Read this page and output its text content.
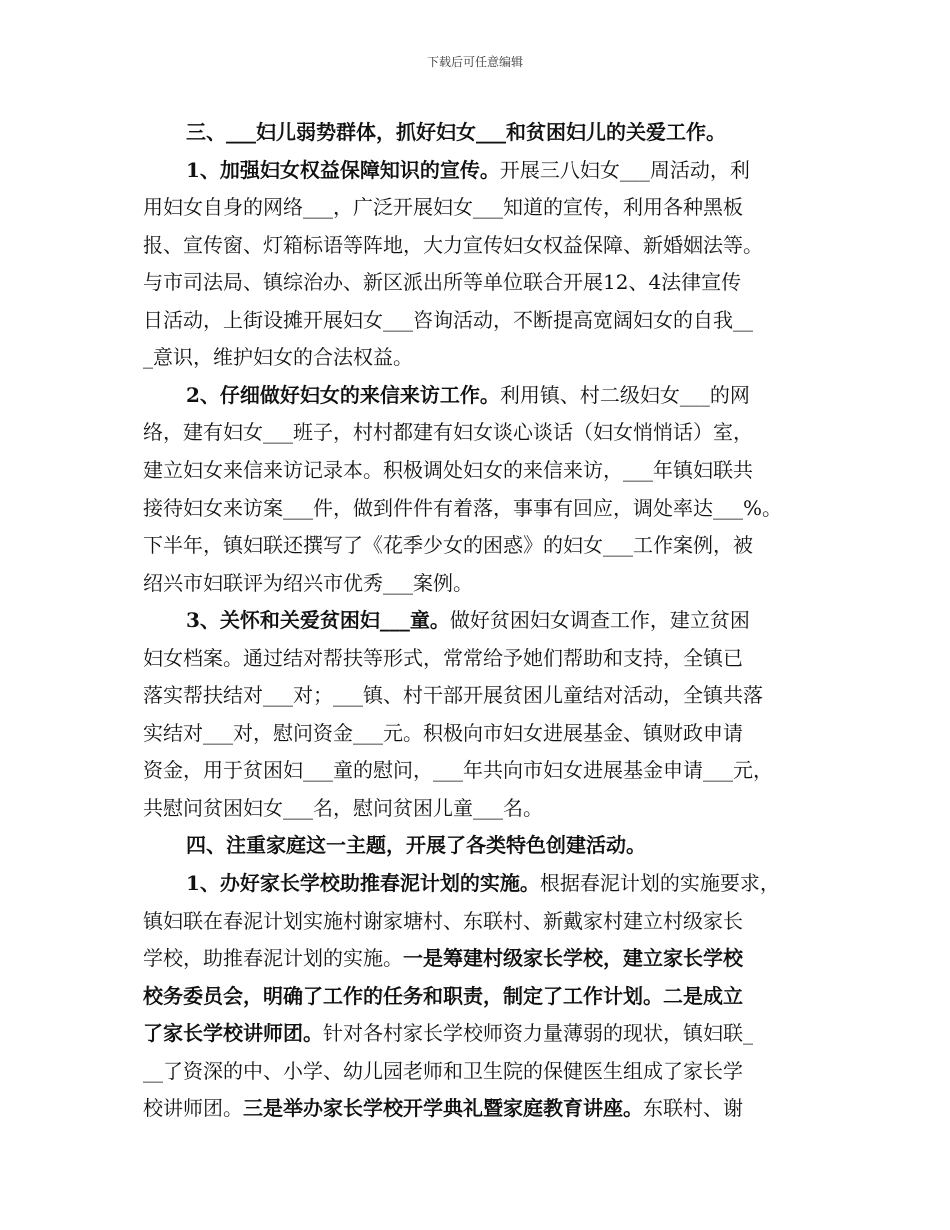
下载后可任意编辑
三、___妇儿弱势群体，抓好妇女___和贫困妇儿的关爱工作。
1、加强妇女权益保障知识的宣传。开展三八妇女___周活动，利
用妇女自身的网络___，广泛开展妇女___知道的宣传，利用各种黑板
报、宣传窗、灯箱标语等阵地，大力宣传妇女权益保障、新婚姻法等。
与市司法局、镇综治办、新区派出所等单位联合开展12、4法律宣传
日活动，上街设摊开展妇女___咨询活动，不断提高宽阔妇女的自我__
_意识，维护妇女的合法权益。
2、仔细做好妇女的来信来访工作。利用镇、村二级妇女___的网
络，建有妇女___班子，村村都建有妇女谈心谈话（妇女悄悄话）室，
建立妇女来信来访记录本。积极调处妇女的来信来访，___年镇妇联共
接待妇女来访案___件，做到件件有着落，事事有回应，调处率达___%。
下半年，镇妇联还撰写了《花季少女的困惑》的妇女___工作案例，被
绍兴市妇联评为绍兴市优秀___案例。
3、关怀和关爱贫困妇___童。做好贫困妇女调查工作，建立贫困
妇女档案。通过结对帮扶等形式，常常给予她们帮助和支持，全镇已
落实帮扶结对___对；___镇、村干部开展贫困儿童结对活动，全镇共落
实结对___对，慰问资金___元。积极向市妇女进展基金、镇财政申请
资金，用于贫困妇___童的慰问，___年共向市妇女进展基金申请___元，
共慰问贫困妇女___名，慰问贫困儿童___名。
四、注重家庭这一主题，开展了各类特色创建活动。
1、办好家长学校助推春泥计划的实施。根据春泥计划的实施要求，
镇妇联在春泥计划实施村谢家塘村、东联村、新戴家村建立村级家长
学校，助推春泥计划的实施。一是筹建村级家长学校，建立家长学校
校务委员会，明确了工作的任务和职责，制定了工作计划。二是成立
了家长学校讲师团。针对各村家长学校师资力量薄弱的现状，镇妇联_
__了资深的中、小学、幼儿园老师和卫生院的保健医生组成了家长学
校讲师团。三是举办家长学校开学典礼暨家庭教育讲座。东联村、谢
